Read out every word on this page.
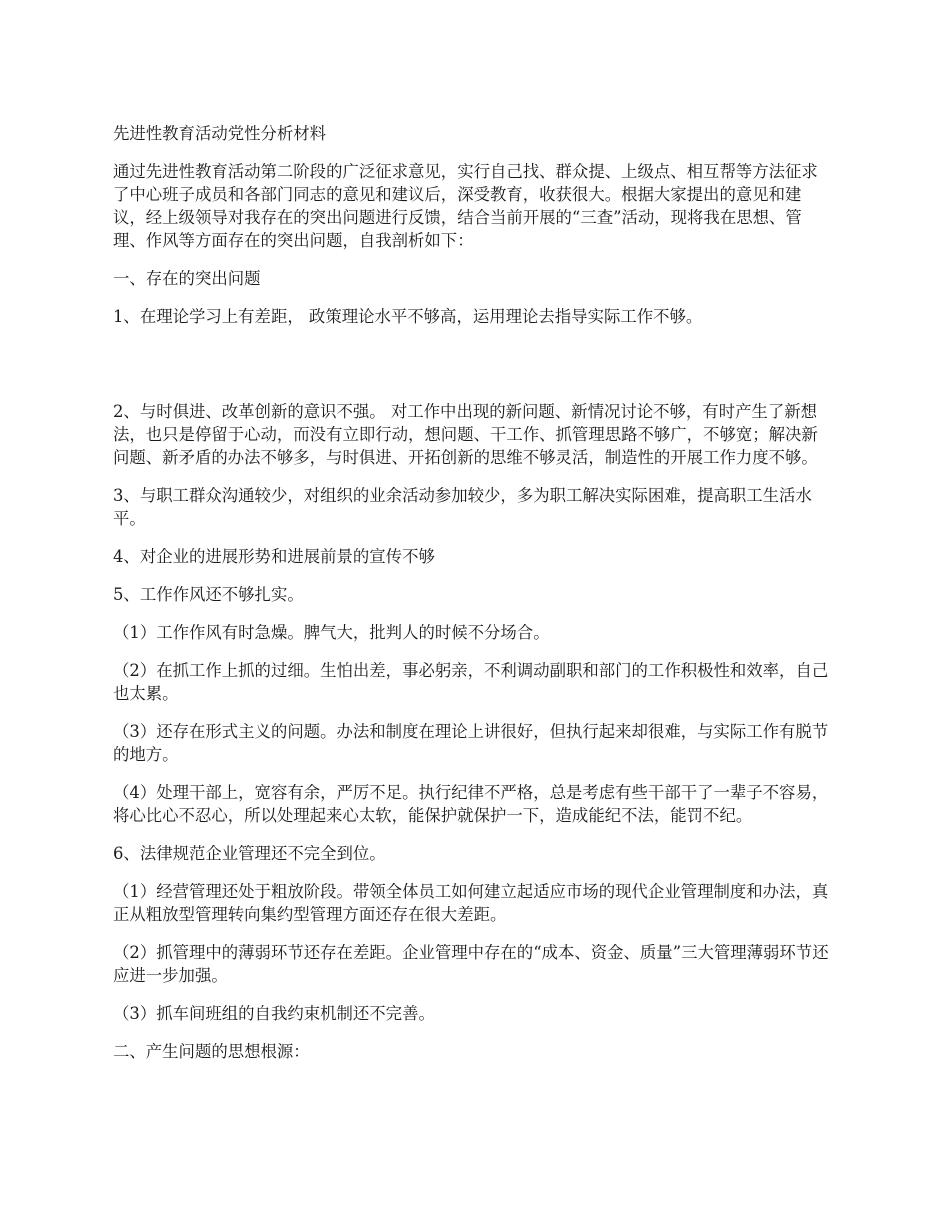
先进性教育活动党性分析材料

通过先进性教育活动第二阶段的广泛征求意见，实行自己找、群众提、上级点、相互帮等方法征求了中心班子成员和各部门同志的意见和建议后，深受教育，收获很大。根据大家提出的意见和建议，经上级领导对我存在的突出问题进行反馈，结合当前开展的“三查”活动，现将我在思想、管理、作风等方面存在的突出问题，自我剖析如下：

一、存在的突出问题

1、在理论学习上有差距， 政策理论水平不够高，运用理论去指导实际工作不够。

2、与时俱进、改革创新的意识不强。 对工作中出现的新问题、新情况讨论不够，有时产生了新想法，也只是停留于心动，而没有立即行动，想问题、干工作、抓管理思路不够广，不够宽；解决新问题、新矛盾的办法不够多，与时俱进、开拓创新的思维不够灵活，制造性的开展工作力度不够。

3、与职工群众沟通较少，对组织的业余活动参加较少，多为职工解决实际困难，提高职工生活水平。

4、对企业的进展形势和进展前景的宣传不够

5、工作作风还不够扎实。

（1）工作作风有时急燥。脾气大，批判人的时候不分场合。

（2）在抓工作上抓的过细。生怕出差，事必躬亲，不利调动副职和部门的工作积极性和效率，自己也太累。

（3）还存在形式主义的问题。办法和制度在理论上讲很好，但执行起来却很难，与实际工作有脱节的地方。

（4）处理干部上，宽容有余，严厉不足。执行纪律不严格，总是考虑有些干部干了一辈子不容易，将心比心不忍心，所以处理起来心太软，能保护就保护一下，造成能纪不法，能罚不纪。

6、法律规范企业管理还不完全到位。

（1）经营管理还处于粗放阶段。带领全体员工如何建立起适应市场的现代企业管理制度和办法，真正从粗放型管理转向集约型管理方面还存在很大差距。

（2）抓管理中的薄弱环节还存在差距。企业管理中存在的“成本、资金、质量”三大管理薄弱环节还应进一步加强。

（3）抓车间班组的自我约束机制还不完善。

二、产生问题的思想根源：
